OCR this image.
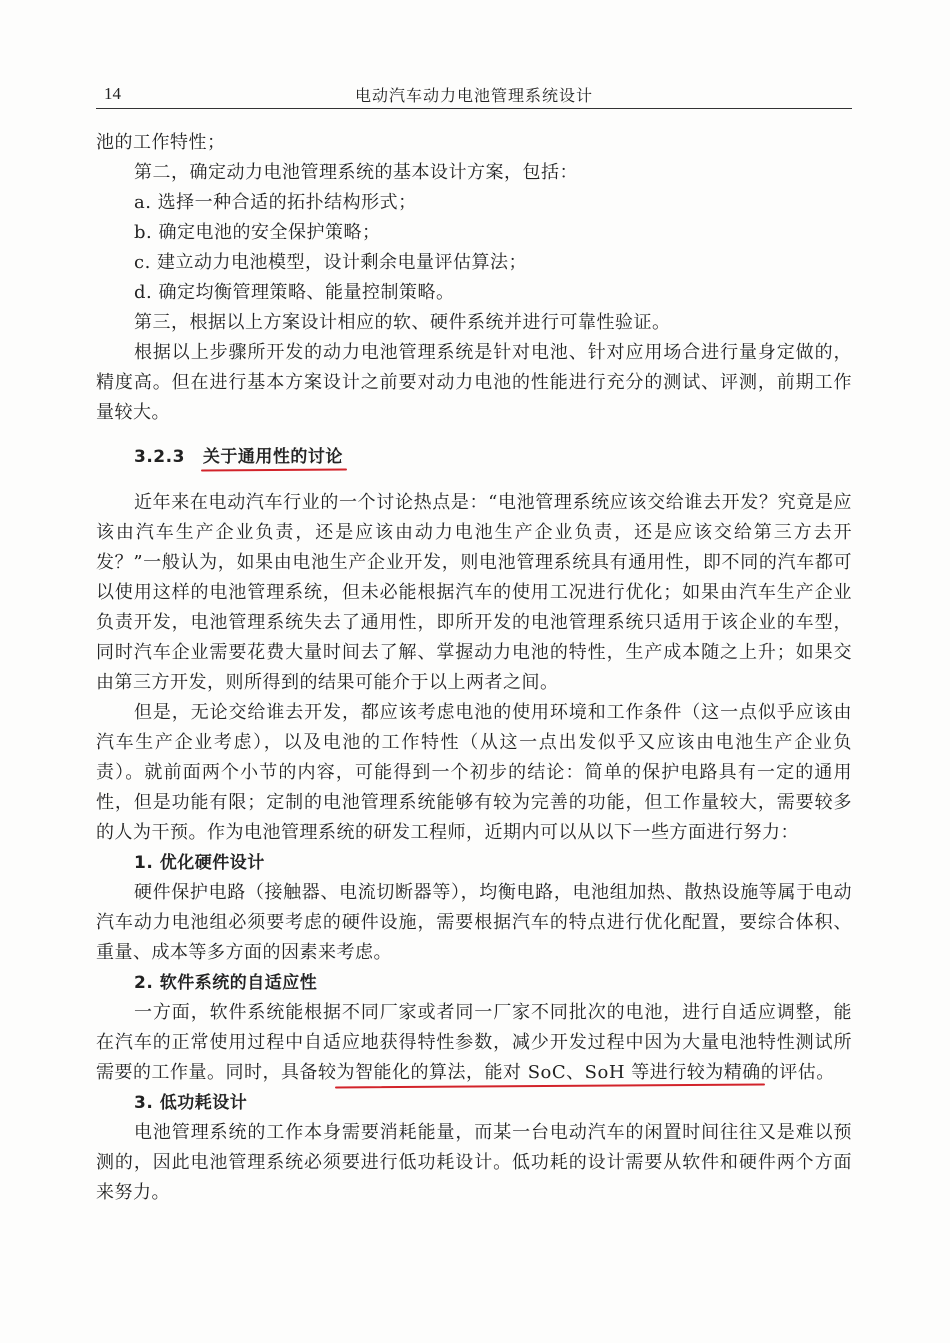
14	电动汽车动力电池管理系统设计

池的工作特性；

第二，确定动力电池管理系统的基本设计方案，包括：

a. 选择一种合适的拓扑结构形式；

b. 确定电池的安全保护策略；

c. 建立动力电池模型，设计剩余电量评估算法；

d. 确定均衡管理策略、能量控制策略。

第三，根据以上方案设计相应的软、硬件系统并进行可靠性验证。

根据以上步骤所开发的动力电池管理系统是针对电池、针对应用场合进行量身定做的，精度高。但在进行基本方案设计之前要对动力电池的性能进行充分的测试、评测，前期工作量较大。

3.2.3 关于通用性的讨论

近年来在电动汽车行业的一个讨论热点是：“电池管理系统应该交给谁去开发？究竟是应该由汽车生产企业负责，还是应该由动力电池生产企业负责，还是应该交给第三方去开发？”一般认为，如果由电池生产企业开发，则电池管理系统具有通用性，即不同的汽车都可以使用这样的电池管理系统，但未必能根据汽车的使用工况进行优化；如果由汽车生产企业负责开发，电池管理系统失去了通用性，即所开发的电池管理系统只适用于该企业的车型，同时汽车企业需要花费大量时间去了解、掌握动力电池的特性，生产成本随之上升；如果交由第三方开发，则所得到的结果可能介于以上两者之间。

但是，无论交给谁去开发，都应该考虑电池的使用环境和工作条件（这一点似乎应该由汽车生产企业考虑），以及电池的工作特性（从这一点出发似乎又应该由电池生产企业负责）。就前面两个小节的内容，可能得到一个初步的结论：简单的保护电路具有一定的通用性，但是功能有限；定制的电池管理系统能够有较为完善的功能，但工作量较大，需要较多的人为干预。作为电池管理系统的研发工程师，近期内可以从以下一些方面进行努力：

1. 优化硬件设计

硬件保护电路（接触器、电流切断器等），均衡电路，电池组加热、散热设施等属于电动汽车动力电池组必须要考虑的硬件设施，需要根据汽车的特点进行优化配置，要综合体积、重量、成本等多方面的因素来考虑。

2. 软件系统的自适应性

一方面，软件系统能根据不同厂家或者同一厂家不同批次的电池，进行自适应调整，能在汽车的正常使用过程中自适应地获得特性参数，减少开发过程中因为大量电池特性测试所需要的工作量。同时，具备较为智能化的算法，能对 SoC、SoH 等进行较为精确的评估。

3. 低功耗设计

电池管理系统的工作本身需要消耗能量，而某一台电动汽车的闲置时间往往又是难以预测的，因此电池管理系统必须要进行低功耗设计。低功耗的设计需要从软件和硬件两个方面来努力。
